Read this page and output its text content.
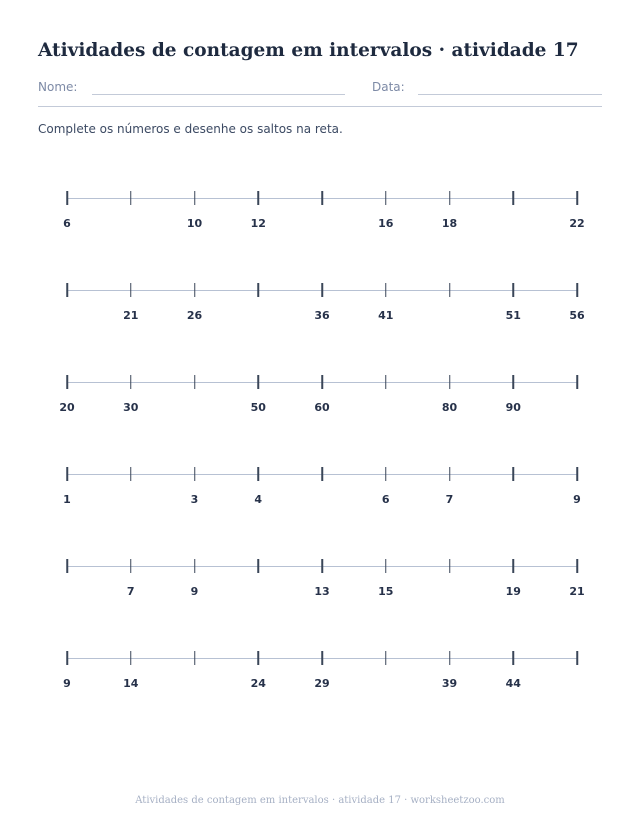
Atividades de contagem em intervalos · atividade 17
Nome:	Data:

Complete os números e desenhe os saltos na reta.

6	10	12	16	18	22
21	26	36	41	51	56
20	30	50	60	80	90
1	3	4	6	7	9
7	9	13	15	19	21
9	14	24	29	39	44
Atividades de contagem em intervalos · atividade 17 · worksheetzoo.com
